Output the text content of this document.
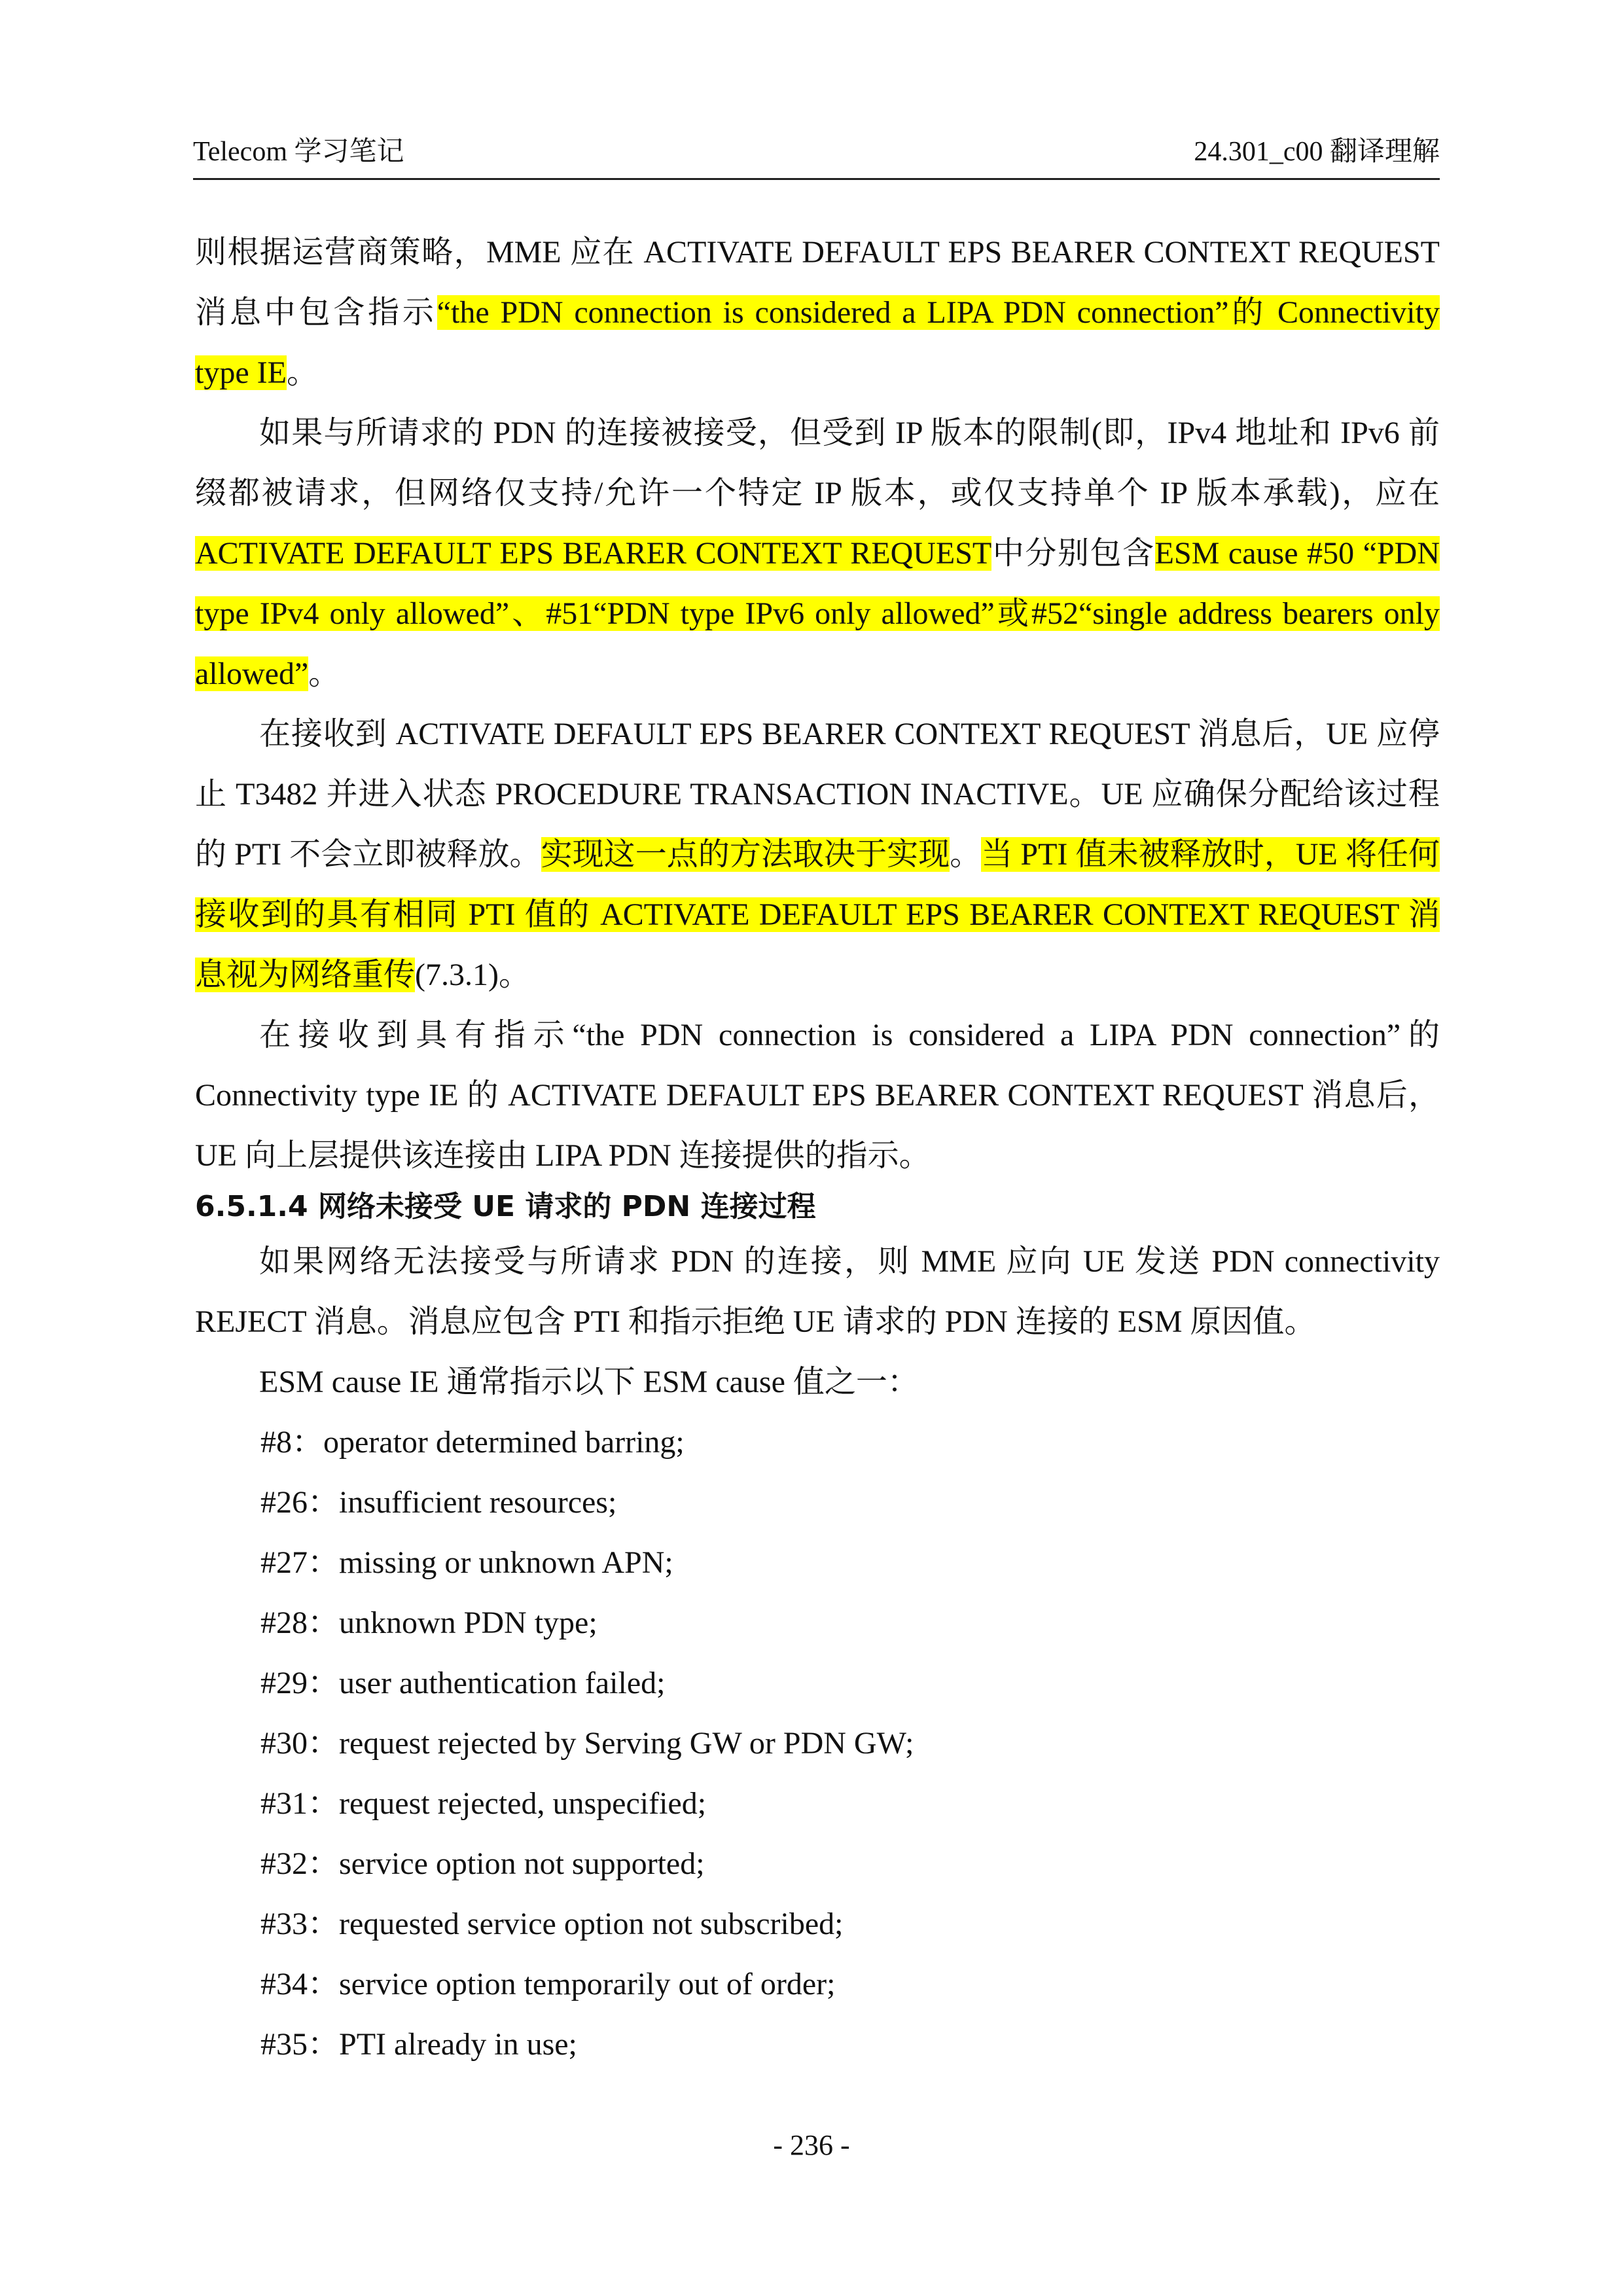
Telecom 学习笔记	24.301_c00 翻译理解

则根据运营商策略，MME 应在 ACTIVATE DEFAULT EPS BEARER CONTEXT REQUEST 消息中包含指示“the PDN connection is considered a LIPA PDN connection”的 Connectivity type IE。

如果与所请求的 PDN 的连接被接受，但受到 IP 版本的限制(即，IPv4 地址和 IPv6 前缀都被请求，但网络仅支持/允许一个特定 IP 版本，或仅支持单个 IP 版本承载)，应在 ACTIVATE DEFAULT EPS BEARER CONTEXT REQUEST中分别包含ESM cause #50 “PDN type IPv4 only allowed”、#51“PDN type IPv6 only allowed”或#52“single address bearers only allowed”。

在接收到 ACTIVATE DEFAULT EPS BEARER CONTEXT REQUEST 消息后，UE 应停止 T3482 并进入状态 PROCEDURE TRANSACTION INACTIVE。UE 应确保分配给该过程的 PTI 不会立即被释放。实现这一点的方法取决于实现。当 PTI 值未被释放时，UE 将任何接收到的具有相同 PTI 值的 ACTIVATE DEFAULT EPS BEARER CONTEXT REQUEST 消息视为网络重传(7.3.1)。

在接收到具有指示“the PDN connection is considered a LIPA PDN connection”的 Connectivity type IE 的 ACTIVATE DEFAULT EPS BEARER CONTEXT REQUEST 消息后，UE 向上层提供该连接由 LIPA PDN 连接提供的指示。

6.5.1.4 网络未接受 UE 请求的 PDN 连接过程

如果网络无法接受与所请求 PDN 的连接，则 MME 应向 UE 发送 PDN connectivity REJECT 消息。消息应包含 PTI 和指示拒绝 UE 请求的 PDN 连接的 ESM 原因值。

ESM cause IE 通常指示以下 ESM cause 值之一：

#8：operator determined barring;

#26：insufficient resources;

#27：missing or unknown APN;

#28：unknown PDN type;

#29：user authentication failed;

#30：request rejected by Serving GW or PDN GW;

#31：request rejected, unspecified;

#32：service option not supported;

#33：requested service option not subscribed;

#34：service option temporarily out of order;

#35：PTI already in use;

- 236 -
